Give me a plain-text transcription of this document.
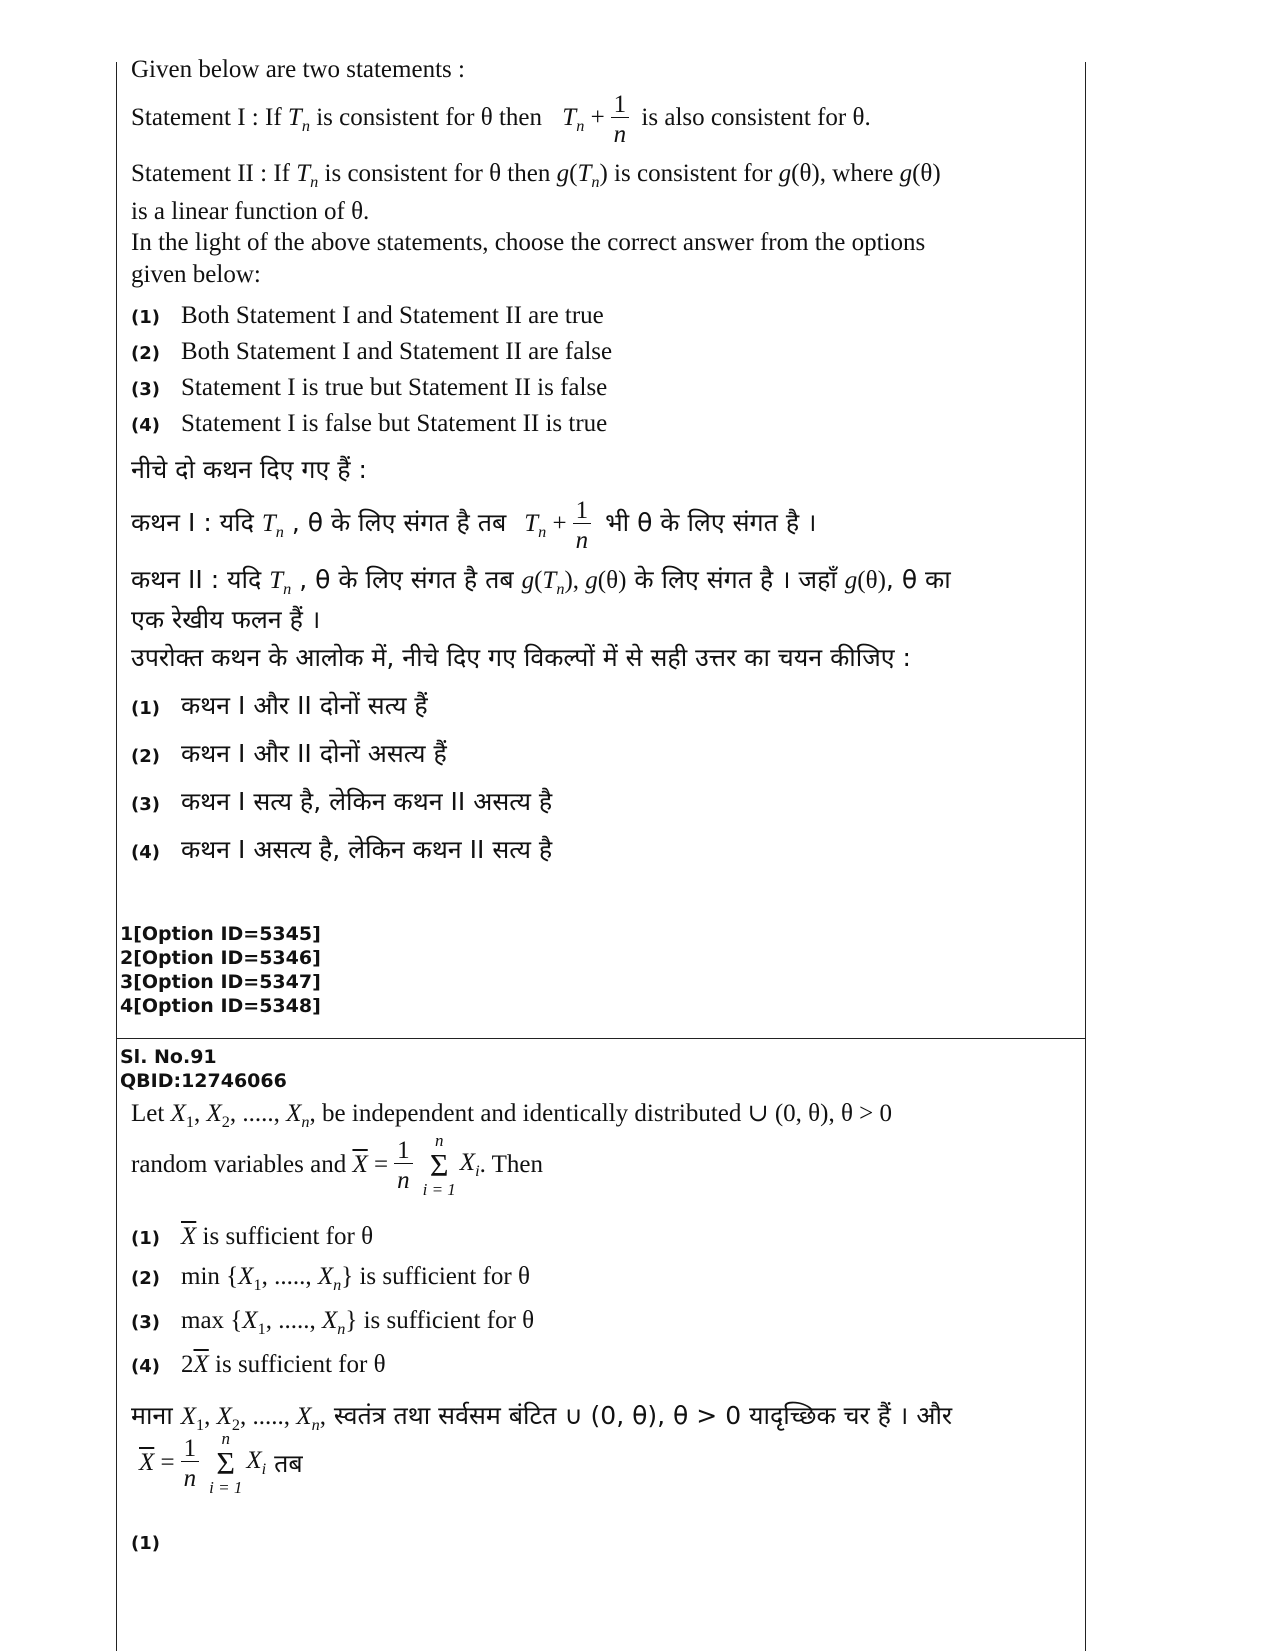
Given below are two statements :
Statement I : If $T_n$ is consistent for θ then $T_n + \frac{1}{n}$ is also consistent for θ.
Statement II : If $T_n$ is consistent for θ then $g(T_n)$ is consistent for g(θ), where g(θ)
is a linear function of θ.
In the light of the above statements, choose the correct answer from the options
given below:
(1) Both Statement I and Statement II are true
(2) Both Statement I and Statement II are false
(3) Statement I is true but Statement II is false
(4) Statement I is false but Statement II is true
नीचे दो कथन दिए गए हैं :
कथन I : यदि $T_n$ , θ के लिए संगत है तब $T_n + \frac{1}{n}$ भी θ के लिए संगत है ।
कथन II : यदि $T_n$ , θ के लिए संगत है तब $g(T_n)$, g(θ) के लिए संगत है । जहाँ g(θ), θ का
एक रेखीय फलन हैं ।
उपरोक्त कथन के आलोक में, नीचे दिए गए विकल्पों में से सही उत्तर का चयन कीजिए :
(1) कथन I और II दोनों सत्य हैं
(2) कथन I और II दोनों असत्य हैं
(3) कथन I सत्य है, लेकिन कथन II असत्य है
(4) कथन I असत्य है, लेकिन कथन II सत्य है
1[Option ID=5345]
2[Option ID=5346]
3[Option ID=5347]
4[Option ID=5348]
Sl. No.91
QBID:12746066
Let $X_1$, $X_2$, ....., $X_n$, be independent and identically distributed ∪ (0, θ), θ > 0
random variables and $\overline{X} = \frac{1}{n}$	n
Σ
i = 1
$X_i$. Then
(1) $\overline{X}$ is sufficient for θ
(2) $\min \{X_1$, ....., $X_n$} is sufficient for θ
(3) $\max \{X_1$, ....., $X_n$} is sufficient for θ
(4) $2\overline{X}$ is sufficient for θ
माना $X_1$, $X_2$, ....., $X_n$, स्वतंत्र तथा सर्वसम बंटित ∪ (0, θ), θ > 0 यादृच्छिक चर हैं । और
$\overline{X} = \frac{1}{n}$	n
Σ
i = 1
$X_i$ तब
(1)
